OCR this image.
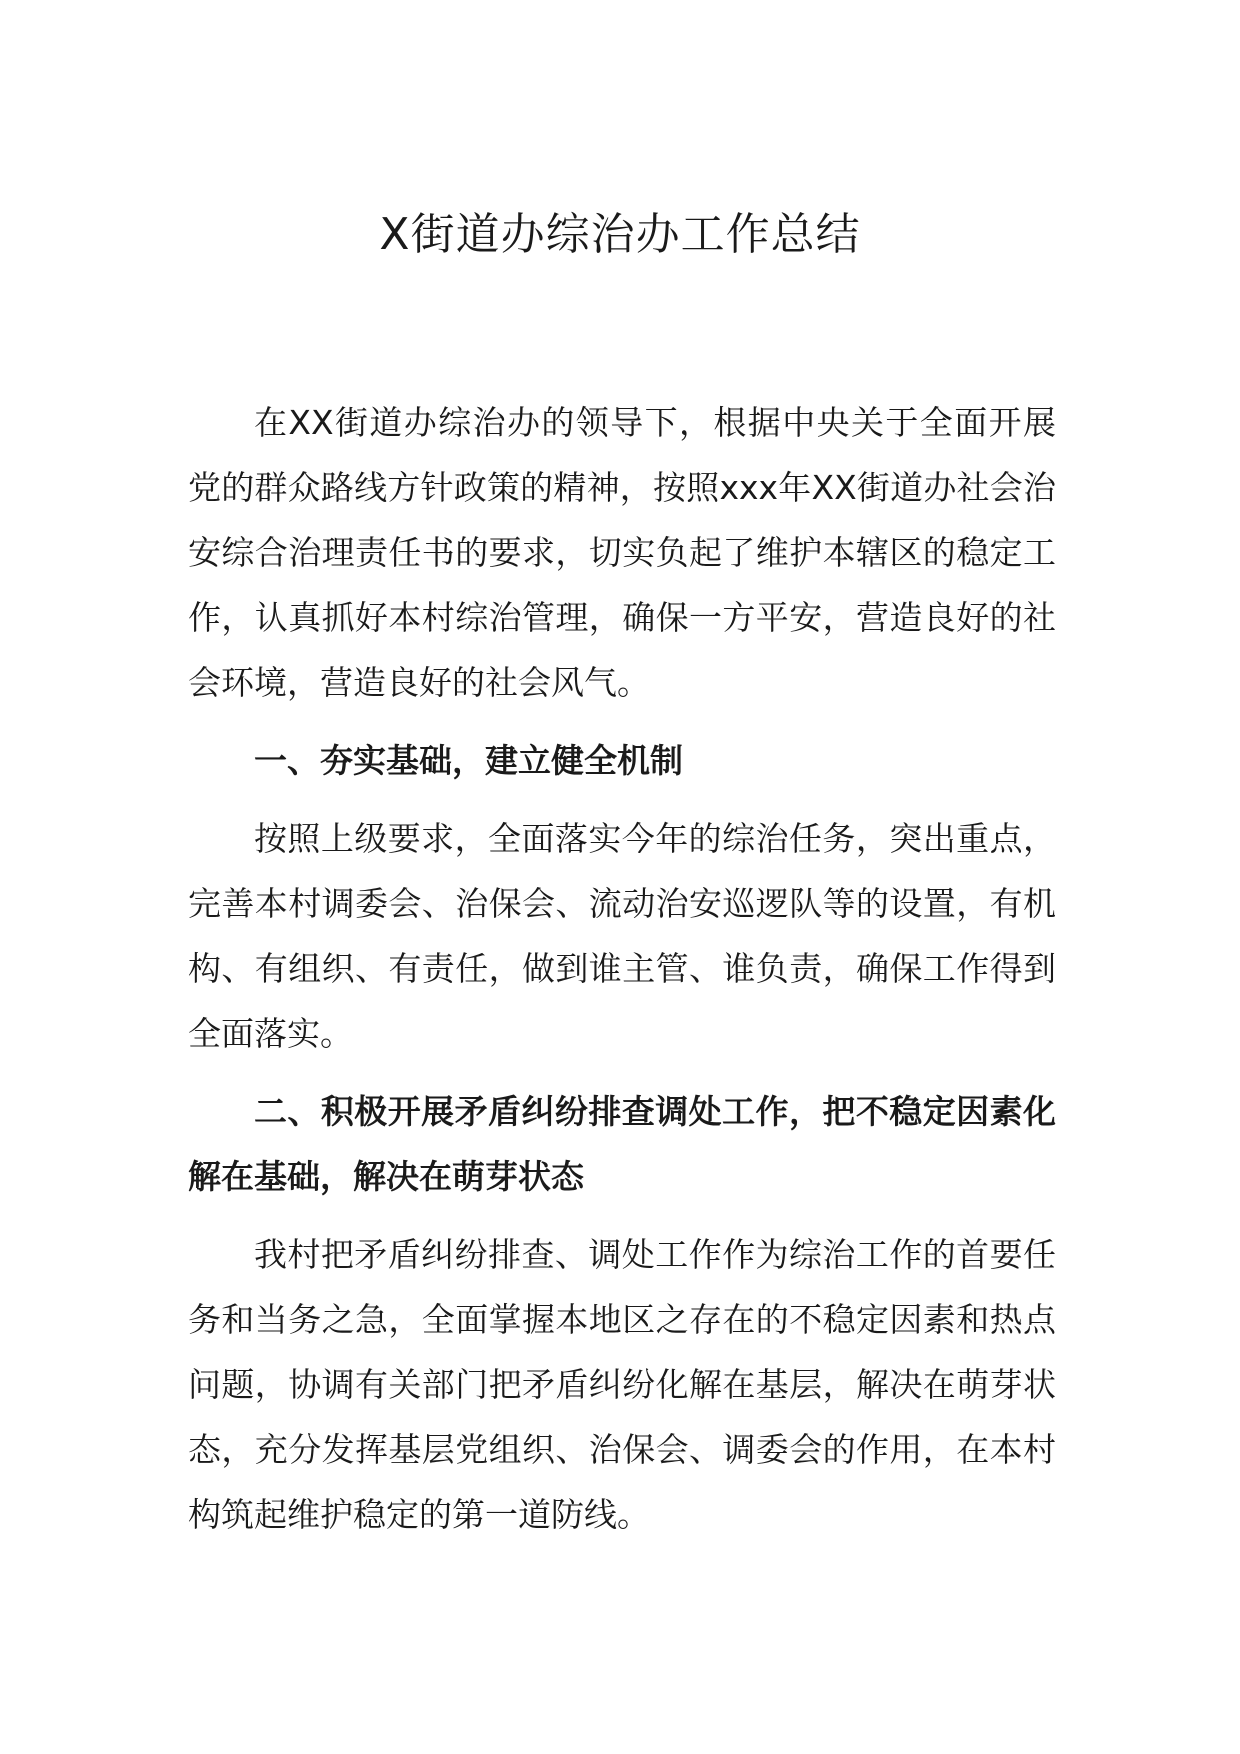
X街道办综治办工作总结

在XX街道办综治办的领导下，根据中央关于全面开展党的群众路线方针政策的精神，按照xxx年XX街道办社会治安综合治理责任书的要求，切实负起了维护本辖区的稳定工作，认真抓好本村综治管理，确保一方平安，营造良好的社会环境，营造良好的社会风气。

一、夯实基础，建立健全机制

按照上级要求，全面落实今年的综治任务，突出重点，完善本村调委会、治保会、流动治安巡逻队等的设置，有机构、有组织、有责任，做到谁主管、谁负责，确保工作得到全面落实。

二、积极开展矛盾纠纷排查调处工作，把不稳定因素化解在基础，解决在萌芽状态

我村把矛盾纠纷排查、调处工作作为综治工作的首要任务和当务之急，全面掌握本地区之存在的不稳定因素和热点问题，协调有关部门把矛盾纠纷化解在基层，解决在萌芽状态，充分发挥基层党组织、治保会、调委会的作用，在本村构筑起维护稳定的第一道防线。
